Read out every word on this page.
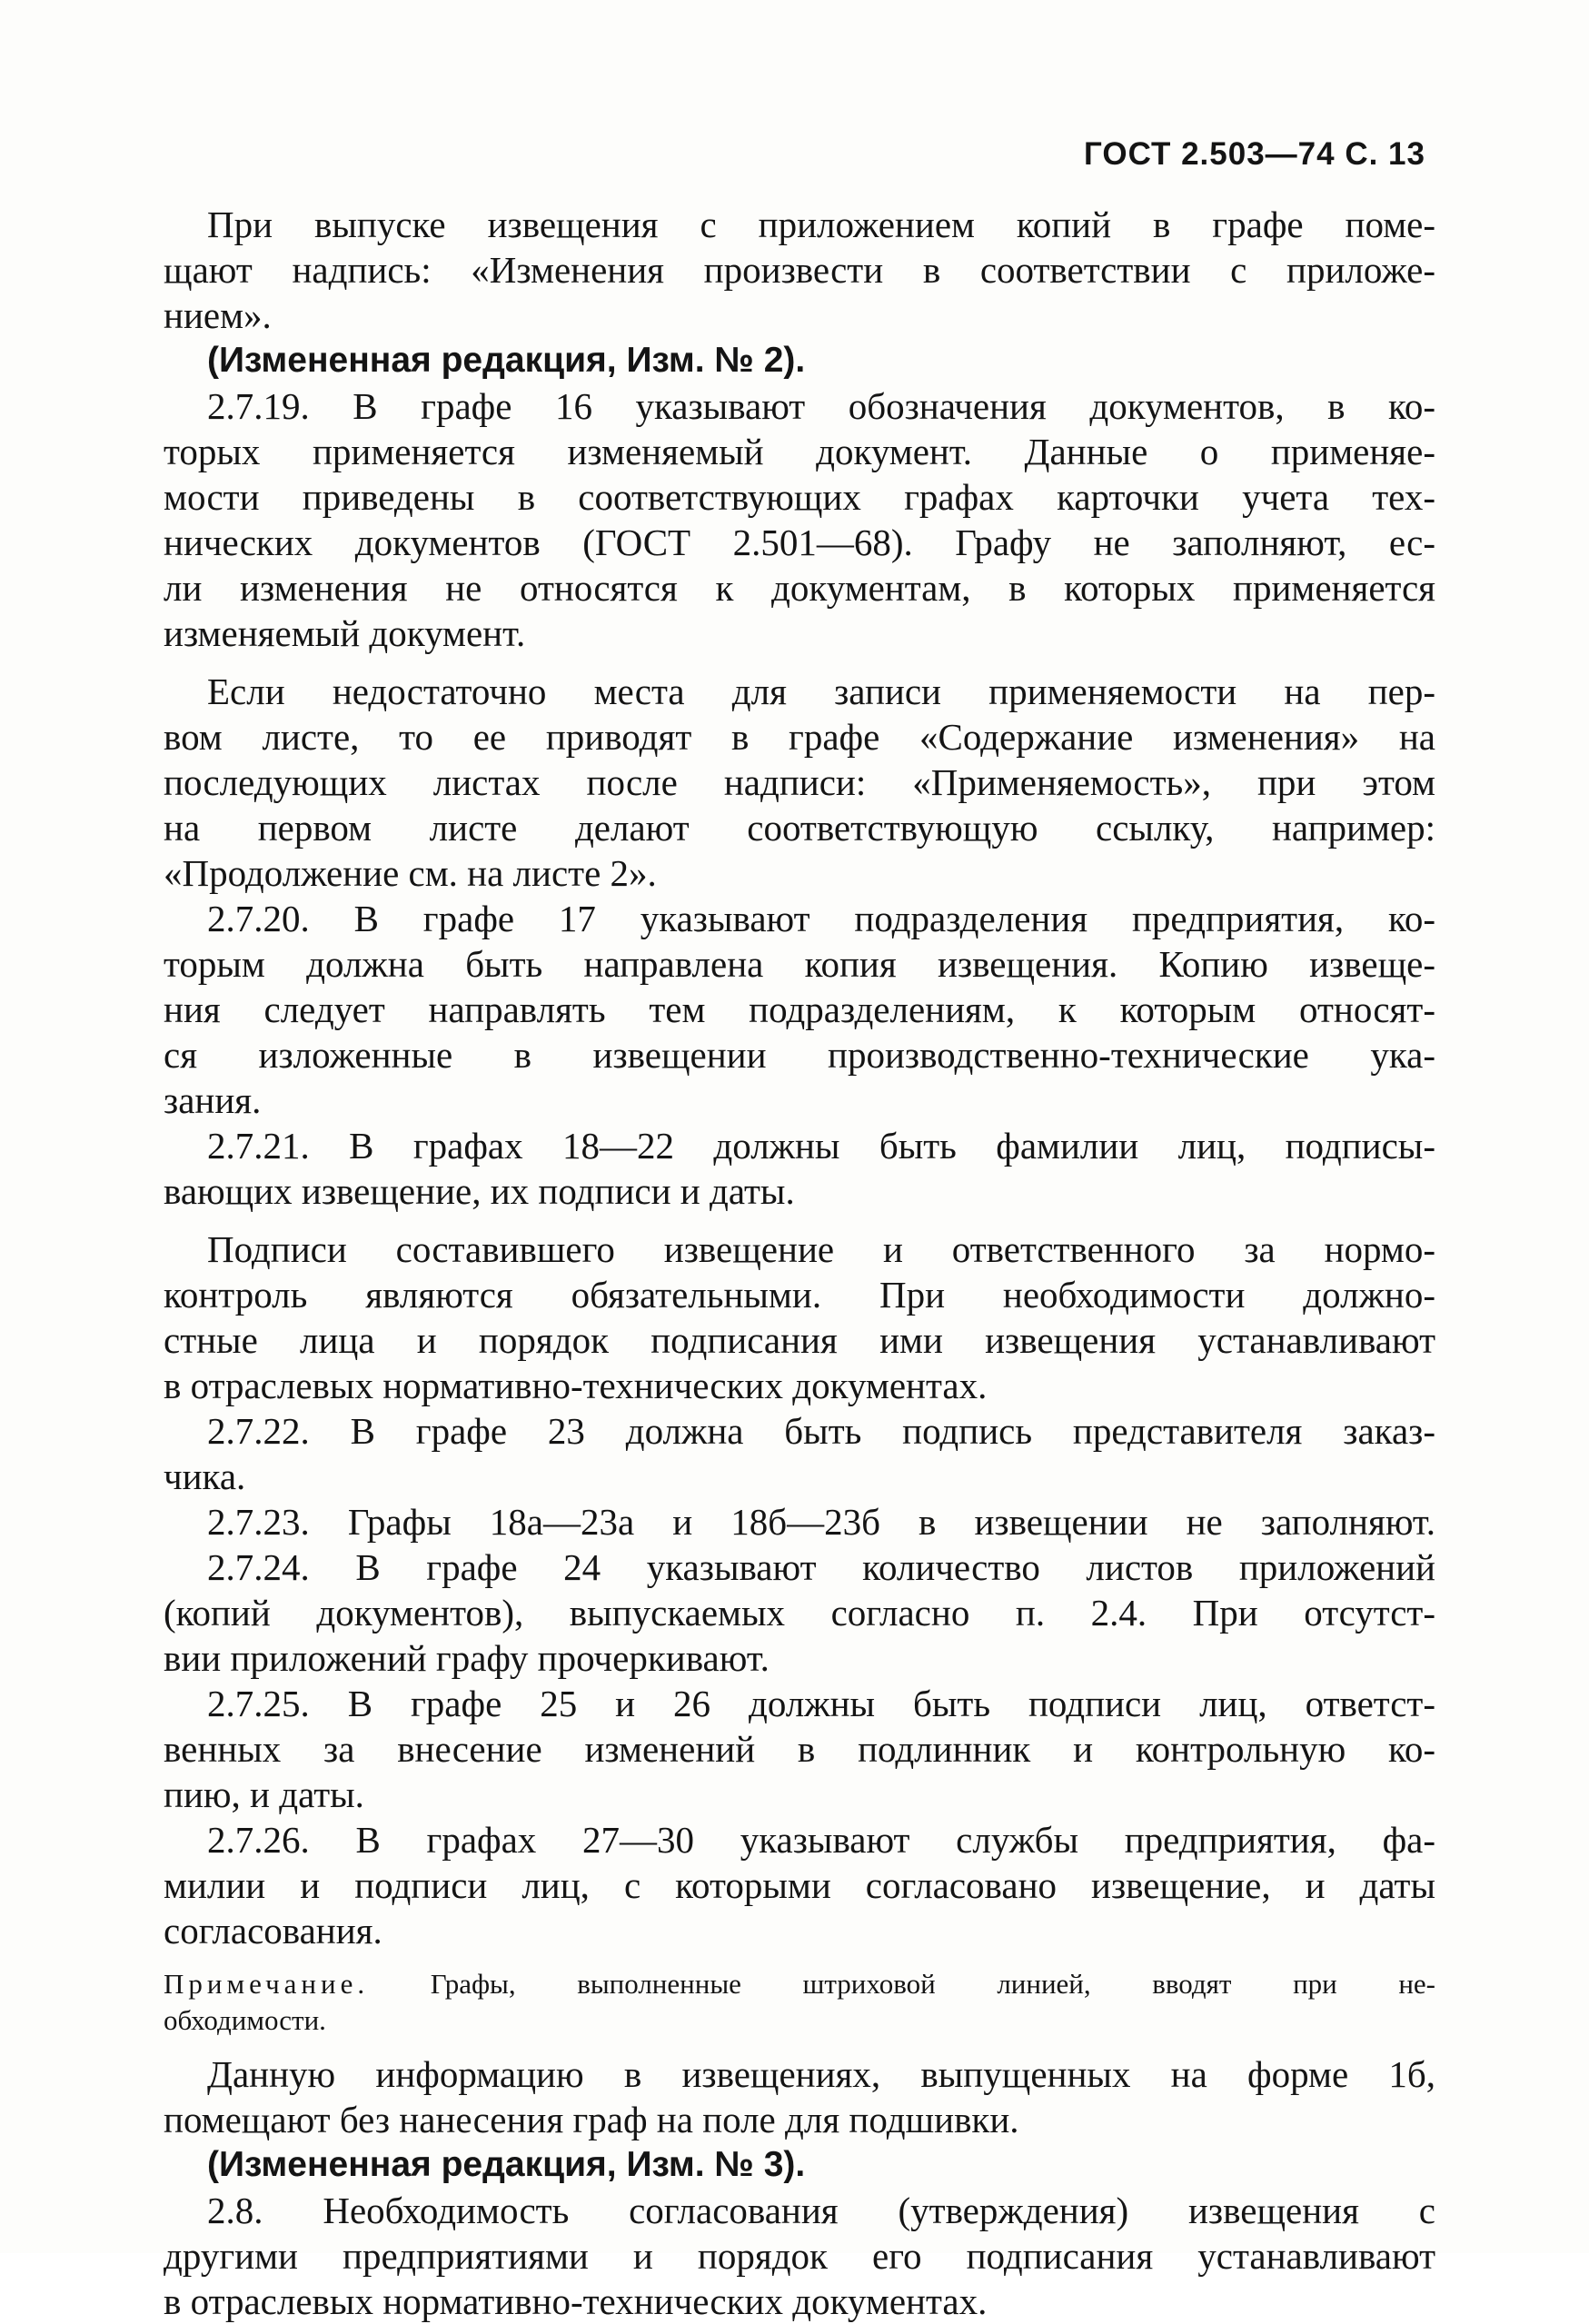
ГОСТ 2.503—74 С. 13
При выпуске извещения с приложением копий в графе поме-
щают надпись: «Изменения произвести в соответствии с приложе-
нием».
(Измененная редакция, Изм. № 2).
2.7.19. В графе 16 указывают обозначения документов, в ко-
торых применяется изменяемый документ. Данные о применяе-
мости приведены в соответствующих графах карточки учета тех-
нических документов (ГОСТ 2.501—68). Графу не заполняют, ес-
ли изменения не относятся к документам, в которых применяется
изменяемый документ.
Если недостаточно места для записи применяемости на пер-
вом листе, то ее приводят в графе «Содержание изменения» на
последующих листах после надписи: «Применяемость», при этом
на первом листе делают соответствующую ссылку, например:
«Продолжение см. на листе 2».
2.7.20. В графе 17 указывают подразделения предприятия, ко-
торым должна быть направлена копия извещения. Копию извеще-
ния следует направлять тем подразделениям, к которым относят-
ся изложенные в извещении производственно-технические ука-
зания.
2.7.21. В графах 18—22 должны быть фамилии лиц, подписы-
вающих извещение, их подписи и даты.
Подписи составившего извещение и ответственного за нормо-
контроль являются обязательными. При необходимости должно-
стные лица и порядок подписания ими извещения устанавливают
в отраслевых нормативно-технических документах.
2.7.22. В графе 23 должна быть подпись представителя заказ-
чика.
2.7.23. Графы 18а—23а и 18б—23б в извещении не заполняют.
2.7.24. В графе 24 указывают количество листов приложений
(копий документов), выпускаемых согласно п. 2.4. При отсутст-
вии приложений графу прочеркивают.
2.7.25. В графе 25 и 26 должны быть подписи лиц, ответст-
венных за внесение изменений в подлинник и контрольную ко-
пию, и даты.
2.7.26. В графах 27—30 указывают службы предприятия, фа-
милии и подписи лиц, с которыми согласовано извещение, и даты
согласования.
Примечание. Графы, выполненные штриховой линией, вводят при не-
обходимости.
Данную информацию в извещениях, выпущенных на форме 1б,
помещают без нанесения граф на поле для подшивки.
(Измененная редакция, Изм. № 3).
2.8. Необходимость согласования (утверждения) извещения с
другими предприятиями и порядок его подписания устанавливают
в отраслевых нормативно-технических документах.
